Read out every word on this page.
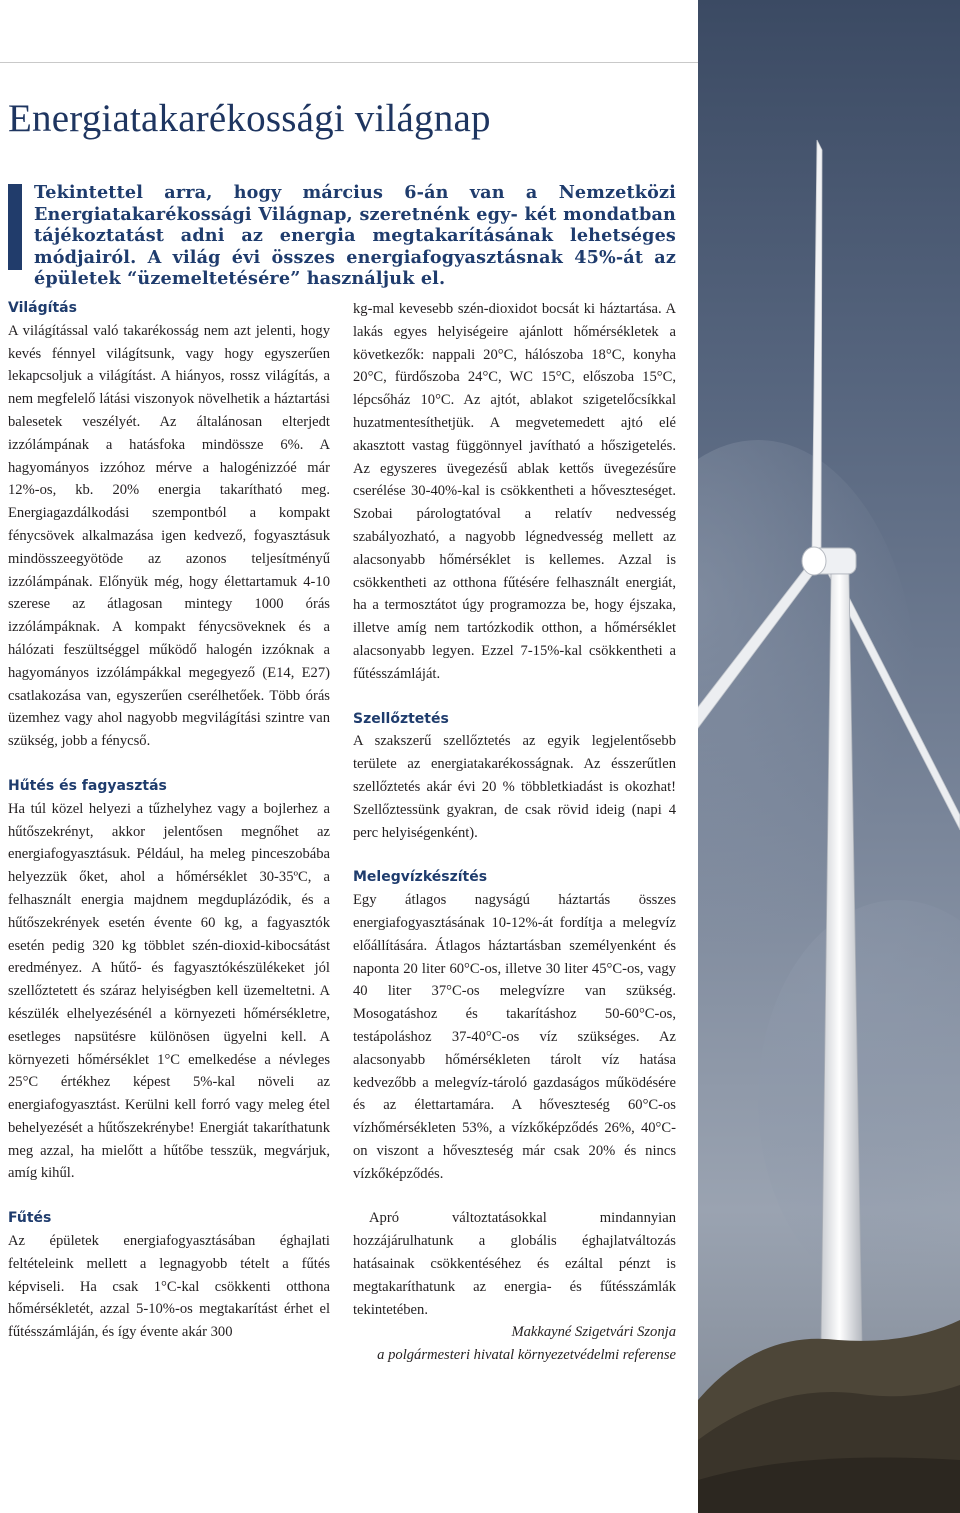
Energiatakarékossági világnap

Tekintettel arra, hogy március 6-án van a Nemzetközi Energiatakarékossági Világnap, szeretnénk egy- két mondatban tájékoztatást adni az energia megtakarításának lehetséges módjairól. A világ évi összes energiafogyasztásnak 45%-át az épületek “üzemeltetésére” használjuk el.

Világítás

A világítással való takarékosság nem azt jelenti, hogy kevés fénnyel világítsunk, vagy hogy egyszerűen lekapcsoljuk a világítást. A hiányos, rossz világítás, a nem megfelelő látási viszonyok növelhetik a háztartási balesetek veszélyét. Az általánosan elterjedt izzólámpának a hatásfoka mindössze 6%. A hagyományos izzóhoz mérve a halogénizzóé már 12%-os, kb. 20% energia takarítható meg. Energiagazdálkodási szempontból a kompakt fénycsövek alkalmazása igen kedvező, fogyasztásuk mindösszeegyötöde az azonos teljesítményű izzólámpának. Előnyük még, hogy élettartamuk 4-10 szerese az átlagosan mintegy 1000 órás izzólámpáknak. A kompakt fénycsöveknek és a hálózati feszültséggel működő halogén izzóknak a hagyományos izzólámpákkal megegyező (E14, E27) csatlakozása van, egyszerűen cserélhetőek. Több órás üzemhez vagy ahol nagyobb megvilágítási szintre van szükség, jobb a fénycső.

Hűtés és fagyasztás

Ha túl közel helyezi a tűzhelyhez vagy a bojlerhez a hűtőszekrényt, akkor jelentősen megnőhet az energiafogyasztásuk. Például, ha meleg pinceszobába helyezzük őket, ahol a hőmérséklet 30-35ºC, a felhasznált energia majdnem megduplázódik, és a hűtőszekrények esetén évente 60 kg, a fagyasztók esetén pedig 320 kg többlet szén-dioxid-kibocsátást eredményez. A hűtő- és fagyasztókészülékeket jól szellőztetett és száraz helyiségben kell üzemeltetni. A készülék elhelyezésénél a környezeti hőmérsékletre, esetleges napsütésre különösen ügyelni kell. A környezeti hőmérséklet 1°C emelkedése a névleges 25°C értékhez képest 5%-kal növeli az energiafogyasztást. Kerülni kell forró vagy meleg étel behelyezését a hűtőszekrénybe! Energiát takaríthatunk meg azzal, ha mielőtt a hűtőbe tesszük, megvárjuk, amíg kihűl.

Fűtés

Az épületek energiafogyasztásában éghajlati feltételeink mellett a legnagyobb tételt a fűtés képviseli. Ha csak 1°C-kal csökkenti otthona hőmérsékletét, azzal 5-10%-os megtakarítást érhet el fűtésszámláján, és így évente akár 300

kg-mal kevesebb szén-dioxidot bocsát ki háztartása. A lakás egyes helyiségeire ajánlott hőmérsékletek a következők: nappali 20°C, hálószoba 18°C, konyha 20°C, fürdőszoba 24°C, WC 15°C, előszoba 15°C, lépcsőház 10°C. Az ajtót, ablakot szigetelőcsíkkal huzatmentesíthetjük. A megvetemedett ajtó elé akasztott vastag függönnyel javítható a hőszigetelés. Az egyszeres üvegezésű ablak kettős üvegezésűre cserélése 30-40%-kal is csökkentheti a hőveszteséget. Szobai párologtatóval a relatív nedvesség szabályozható, a nagyobb légnedvesség mellett az alacsonyabb hőmérséklet is kellemes. Azzal is csökkentheti az otthona fűtésére felhasznált energiát, ha a termosztátot úgy programozza be, hogy éjszaka, illetve amíg nem tartózkodik otthon, a hőmérséklet alacsonyabb legyen. Ezzel 7-15%-kal csökkentheti a fűtésszámláját.

Szellőztetés

A szakszerű szellőztetés az egyik legjelentősebb területe az energiatakarékosságnak. Az ésszerűtlen szellőztetés akár évi 20 % többletkiadást is okozhat! Szellőztessünk gyakran, de csak rövid ideig (napi 4 perc helyiségenként).

Melegvízkészítés

Egy átlagos nagyságú háztartás összes energiafogyasztásának 10-12%-át fordítja a melegvíz előállítására. Átlagos háztartásban személyenként és naponta 20 liter 60°C-os, illetve 30 liter 45°C-os, vagy 40 liter 37°C-os melegvízre van szükség. Mosogatáshoz és takarításhoz 50-60°C-os, testápoláshoz 37-40°C-os víz szükséges. Az alacsonyabb hőmérsékleten tárolt víz hatása kedvezőbb a melegvíz-tároló gazdaságos működésére és az élettartamára. A hőveszteség 60°C-os vízhőmérsékleten 53%, a vízkőképződés 26%, 40°C-on viszont a hőveszteség már csak 20% és nincs vízkőképződés.

Apró változtatásokkal mindannyian hozzájárulhatunk a globális éghajlatváltozás hatásainak csökkentéséhez és ezáltal pénzt is megtakaríthatunk az energia- és fűtésszámlák tekintetében.

Makkayné Szigetvári Szonja

a polgármesteri hivatal környezetvédelmi referense
